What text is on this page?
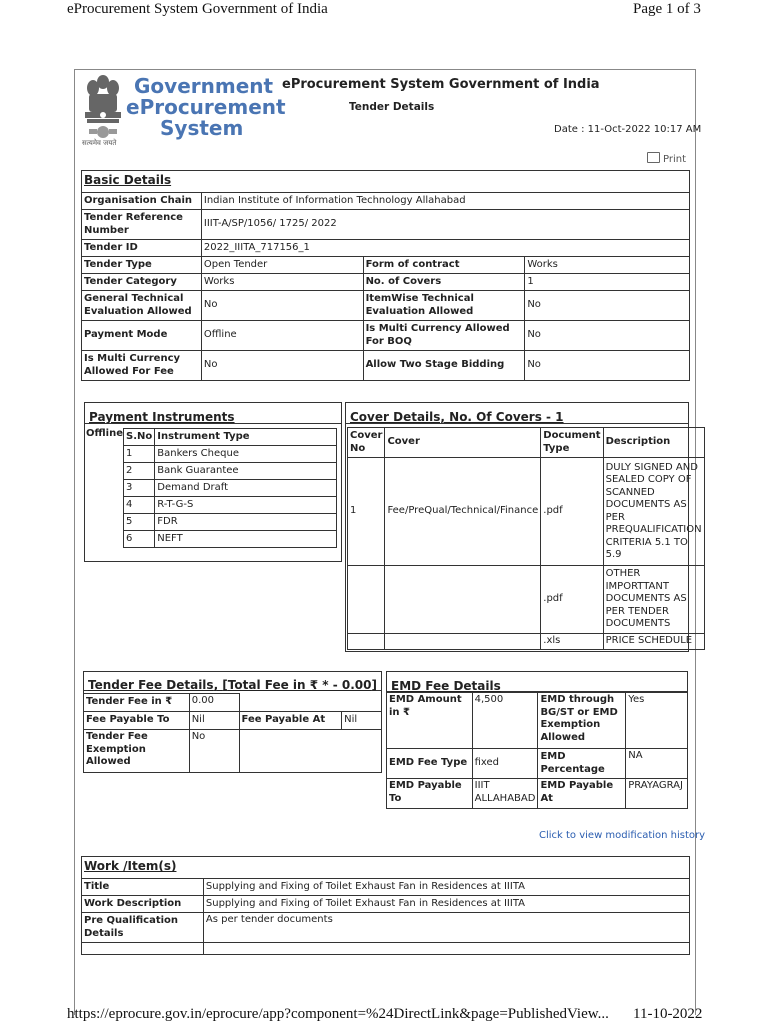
eProcurement System Government of India	Page 1 of 3
सत्यमेव जयते
Government
eProcurement
System
eProcurement System Government of India
Tender Details
Date : 11-Oct-2022 10:17 AM
Print
Basic Details			
Organisation Chain	Indian Institute of Information Technology Allahabad		
Tender Reference Number	IIIT-A/SP/1056/ 1725/ 2022		
Tender ID	2022_IIITA_717156_1		
Tender Type	Open Tender	Form of contract	Works
Tender Category	Works	No. of Covers	1
General Technical Evaluation Allowed	No	ItemWise Technical Evaluation Allowed	No
Payment Mode	Offline	Is Multi Currency Allowed For BOQ	No
Is Multi Currency Allowed For Fee	No	Allow Two Stage Bidding	No
Payment Instruments
Offline S.No	Instrument Type
1	Bankers Cheque
2	Bank Guarantee
3	Demand Draft
4	R-T-G-S
5	FDR
6	NEFT
Cover Details, No. Of Covers - 1
Cover No	Cover	Document Type	Description
1	Fee/PreQual/Technical/Finance	.pdf	DULY SIGNED AND SEALED COPY OF SCANNED DOCUMENTS AS PER PREQUALIFICATION CRITERIA 5.1 TO 5.9
		.pdf	OTHER IMPORTTANT DOCUMENTS AS PER TENDER DOCUMENTS
		.xls	PRICE SCHEDULE
Tender Fee Details, [Total Fee in ₹ * - 0.00]
Tender Fee in ₹	0.00		
Fee Payable To	Nil	Fee Payable At	Nil
Tender Fee Exemption Allowed	No		
EMD Fee Details
EMD Amount in ₹	4,500	EMD through BG/ST or EMD Exemption Allowed	Yes
EMD Fee Type	fixed	EMD Percentage	NA
EMD Payable To	IIIT ALLAHABAD	EMD Payable At	PRAYAGRAJ
Click to view modification history
Work /Item(s)	
Title	Supplying and Fixing of Toilet Exhaust Fan in Residences at IIITA
Work Description	Supplying and Fixing of Toilet Exhaust Fan in Residences at IIITA
Pre Qualification Details	As per tender documents

https://eprocure.gov.in/eprocure/app?component=%24DirectLink&page=PublishedView... 11-10-2022
